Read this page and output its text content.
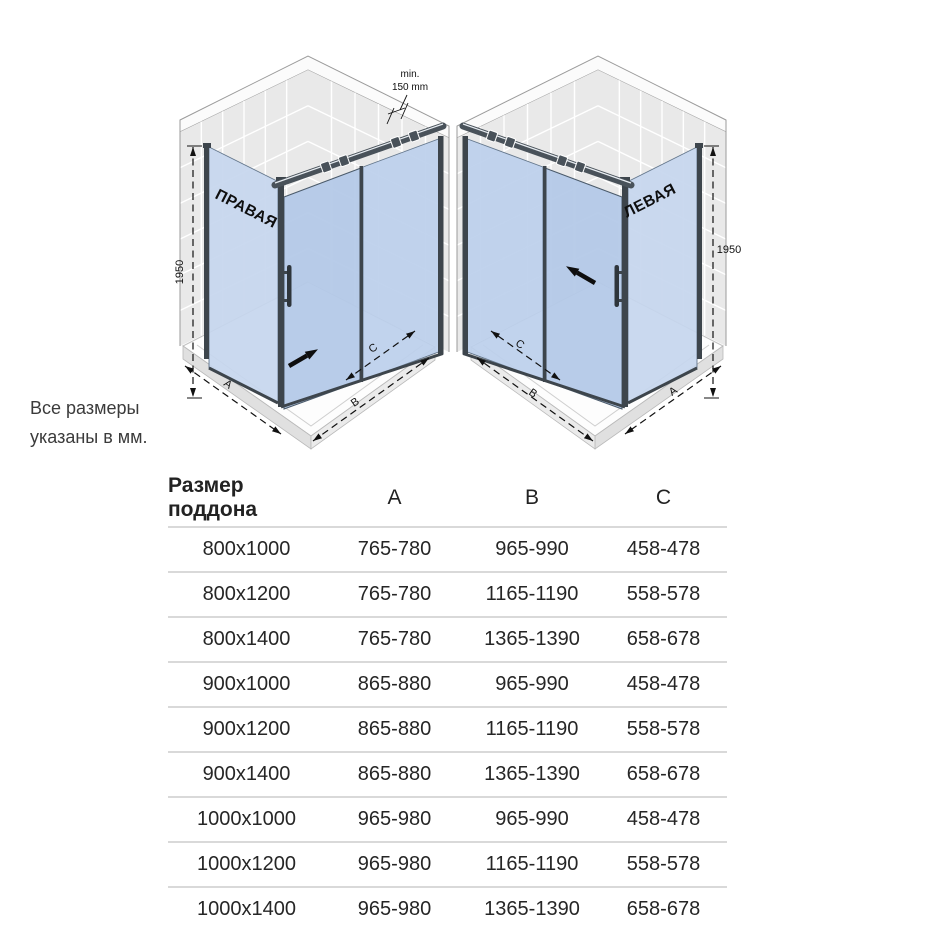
min.
150 mm
ПРАВАЯ
1950
A
B
C
ЛЕВАЯ
1950
A
B
C
Все размеры
указаны в мм.
Размер поддона
A	B	C
800x1000	765-780	965-990	458-478
800x1200	765-780	1165-1190	558-578
800x1400	765-780	1365-1390	658-678
900x1000	865-880	965-990	458-478
900x1200	865-880	1165-1190	558-578
900x1400	865-880	1365-1390	658-678
1000x1000	965-980	965-990	458-478
1000x1200	965-980	1165-1190	558-578
1000x1400	965-980	1365-1390	658-678
